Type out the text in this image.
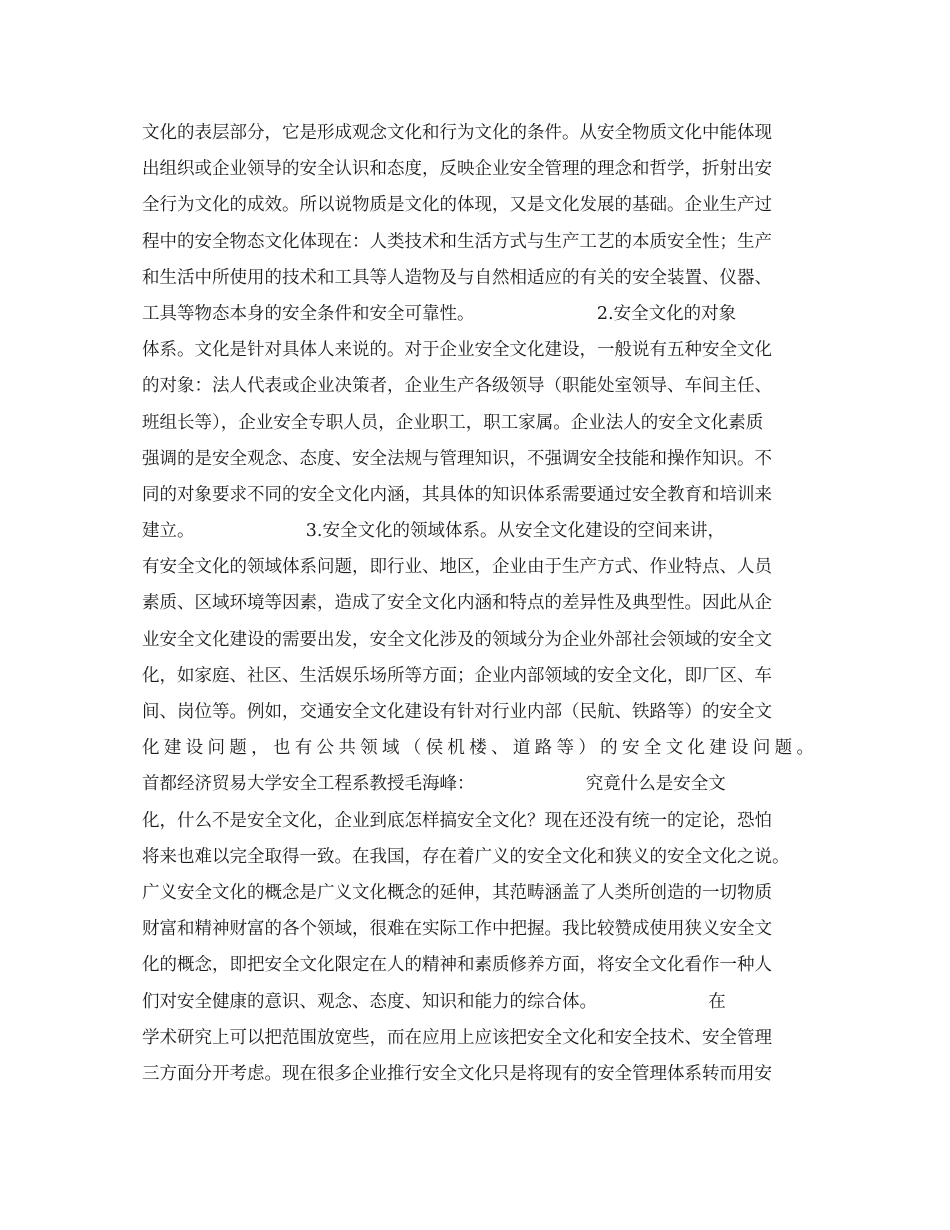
文化的表层部分，它是形成观念文化和行为文化的条件。从安全物质文化中能体现
出组织或企业领导的安全认识和态度，反映企业安全管理的理念和哲学，折射出安
全行为文化的成效。所以说物质是文化的体现，又是文化发展的基础。企业生产过
程中的安全物态文化体现在：人类技术和生活方式与生产工艺的本质安全性；生产
和生活中所使用的技术和工具等人造物及与自然相适应的有关的安全装置、仪器、
工具等物态本身的安全条件和安全可靠性。                      2.安全文化的对象
体系。文化是针对具体人来说的。对于企业安全文化建设，一般说有五种安全文化
的对象：法人代表或企业决策者，企业生产各级领导（职能处室领导、车间主任、
班组长等），企业安全专职人员，企业职工，职工家属。企业法人的安全文化素质
强调的是安全观念、态度、安全法规与管理知识，不强调安全技能和操作知识。不
同的对象要求不同的安全文化内涵，其具体的知识体系需要通过安全教育和培训来
建立。                    3.安全文化的领域体系。从安全文化建设的空间来讲，
有安全文化的领域体系问题，即行业、地区，企业由于生产方式、作业特点、人员
素质、区域环境等因素，造成了安全文化内涵和特点的差异性及典型性。因此从企
业安全文化建设的需要出发，安全文化涉及的领域分为企业外部社会领域的安全文
化，如家庭、社区、生活娱乐场所等方面；企业内部领域的安全文化，即厂区、车
间、岗位等。例如，交通安全文化建设有针对行业内部（民航、铁路等）的安全文
化建设问题，也有公共领域（侯机楼、道路等）的安全文化建设问题。
首都经济贸易大学安全工程系教授毛海峰：                    究竟什么是安全文
化，什么不是安全文化，企业到底怎样搞安全文化？现在还没有统一的定论，恐怕
将来也难以完全取得一致。在我国，存在着广义的安全文化和狭义的安全文化之说。
广义安全文化的概念是广义文化概念的延伸，其范畴涵盖了人类所创造的一切物质
财富和精神财富的各个领域，很难在实际工作中把握。我比较赞成使用狭义安全文
化的概念，即把安全文化限定在人的精神和素质修养方面，将安全文化看作一种人
们对安全健康的意识、观念、态度、知识和能力的综合体。                    在
学术研究上可以把范围放宽些，而在应用上应该把安全文化和安全技术、安全管理
三方面分开考虑。现在很多企业推行安全文化只是将现有的安全管理体系转而用安
